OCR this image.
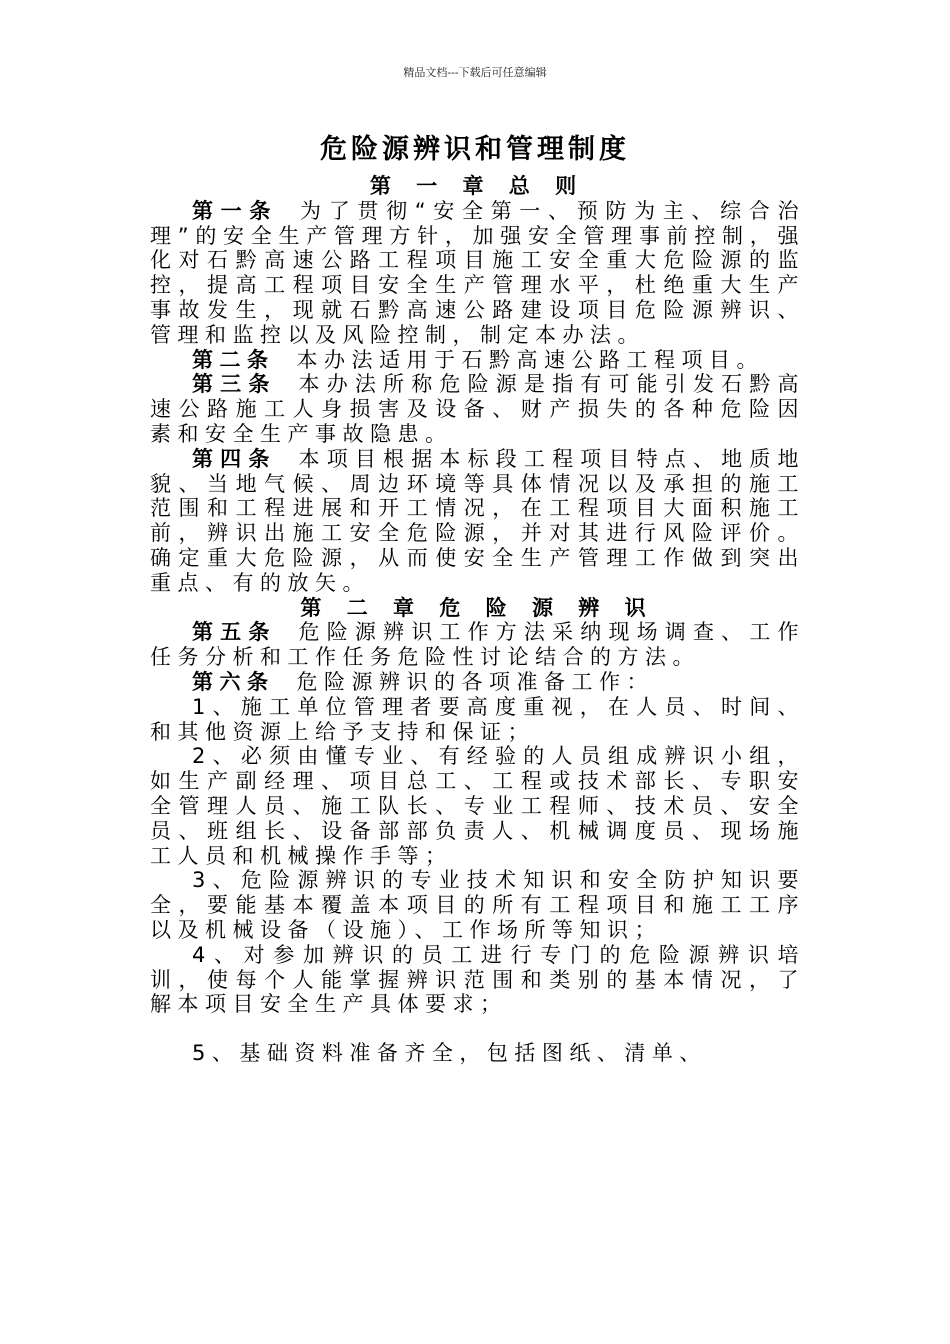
精品文档---下载后可任意编辑
危险源辨识和管理制度

第 一 章 总 则

第一条 为了贯彻“安全第一、预防为主、综合治理”的安全生产管理方针，加强安全管理事前控制，强化对石黔高速公路工程项目施工安全重大危险源的监控，提高工程项目安全生产管理水平，杜绝重大生产事故发生，现就石黔高速公路建设项目危险源辨识、管理和监控以及风险控制，制定本办法。

第二条 本办法适用于石黔高速公路工程项目。

第三条 本办法所称危险源是指有可能引发石黔高速公路施工人身损害及设备、财产损失的各种危险因素和安全生产事故隐患。

第四条 本项目根据本标段工程项目特点、地质地貌、当地气候、周边环境等具体情况以及承担的施工范围和工程进展和开工情况，在工程项目大面积施工前，辨识出施工安全危险源，并对其进行风险评价。确定重大危险源，从而使安全生产管理工作做到突出重点、有的放矢。

第 二 章 危 险 源 辨 识

第五条 危险源辨识工作方法采纳现场调查、工作任务分析和工作任务危险性讨论结合的方法。

第六条 危险源辨识的各项准备工作：

1、施工单位管理者要高度重视，在人员、时间、和其他资源上给予支持和保证；

2、必须由懂专业、有经验的人员组成辨识小组，如生产副经理、项目总工、工程或技术部长、专职安全管理人员、施工队长、专业工程师、技术员、安全员、班组长、设备部部负责人、机械调度员、现场施工人员和机械操作手等；

3、危险源辨识的专业技术知识和安全防护知识要全，要能基本覆盖本项目的所有工程项目和施工工序以及机械设备（设施）、工作场所等知识；

4、对参加辨识的员工进行专门的危险源辨识培训，使每个人能掌握辨识范围和类别的基本情况，了解本项目安全生产具体要求；

5、基础资料准备齐全，包括图纸、清单、
